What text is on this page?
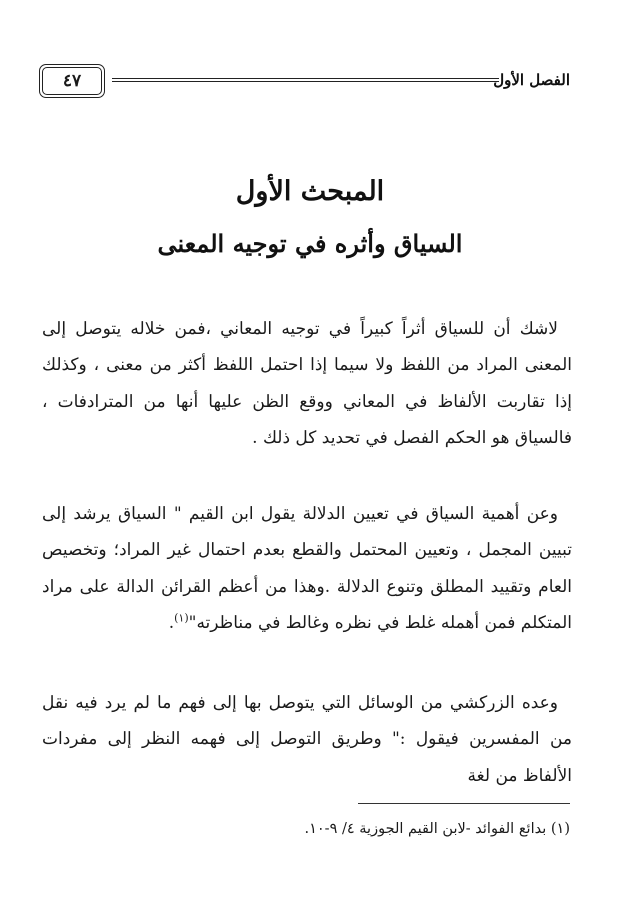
الفصل الأول
٤٧
المبحث الأول
السياق وأثره في توجيه المعنى
لاشك أن للسياق أثراً كبيراً في توجيه المعاني ،فمن خلاله يتوصل إلى المعنى المراد من اللفظ ولا سيما إذا احتمل اللفظ أكثر من معنى ، وكذلك إذا تقاربت الألفاظ في المعاني ووقع الظن عليها أنها من المترادفات ، فالسياق هو الحكم الفصل في تحديد كل ذلك .
وعن أهمية السياق في تعيين الدلالة يقول ابن القيم " السياق يرشد إلى تبيين المجمل ، وتعيين المحتمل والقطع بعدم احتمال غير المراد؛ وتخصيص العام وتقييد المطلق وتنوع الدلالة .وهذا من أعظم القرائن الدالة على مراد المتكلم فمن أهمله غلط في نظره وغالط في مناظرته"$^{(١)}$.
وعده الزركشي من الوسائل التي يتوصل بها إلى فهم ما لم يرد فيه نقل من المفسرين فيقول :" وطريق التوصل إلى فهمه النظر إلى مفردات الألفاظ من لغة
(١) بدائع الفوائد -لابن القيم الجوزية ٤/ ٩-١٠.
